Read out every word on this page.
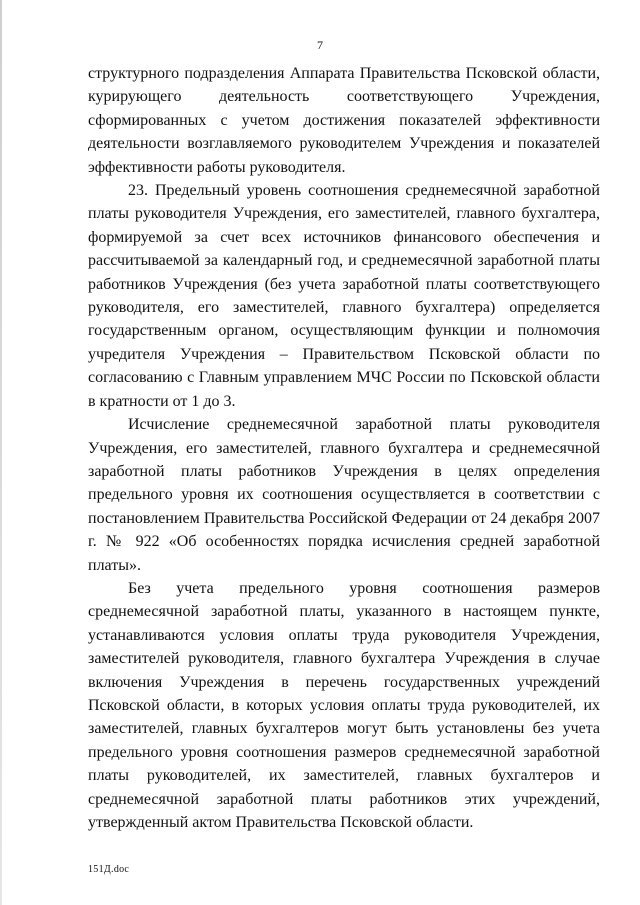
7

структурного подразделения Аппарата Правительства Псковской области, курирующего деятельность соответствующего Учреждения, сформированных с учетом достижения показателей эффективности деятельности возглавляемого руководителем Учреждения и показателей эффективности работы руководителя.

23. Предельный уровень соотношения среднемесячной заработной платы руководителя Учреждения, его заместителей, главного бухгалтера, формируемой за счет всех источников финансового обеспечения и рассчитываемой за календарный год, и среднемесячной заработной платы работников Учреждения (без учета заработной платы соответствующего руководителя, его заместителей, главного бухгалтера) определяется государственным органом, осуществляющим функции и полномочия учредителя Учреждения – Правительством Псковской области по согласованию с Главным управлением МЧС России по Псковской области в кратности от 1 до 3.

Исчисление среднемесячной заработной платы руководителя Учреждения, его заместителей, главного бухгалтера и среднемесячной заработной платы работников Учреждения в целях определения предельного уровня их соотношения осуществляется в соответствии с постановлением Правительства Российской Федерации от 24 декабря 2007 г. № 922 «Об особенностях порядка исчисления средней заработной платы».

Без учета предельного уровня соотношения размеров среднемесячной заработной платы, указанного в настоящем пункте, устанавливаются условия оплаты труда руководителя Учреждения, заместителей руководителя, главного бухгалтера Учреждения в случае включения Учреждения в перечень государственных учреждений Псковской области, в которых условия оплаты труда руководителей, их заместителей, главных бухгалтеров могут быть установлены без учета предельного уровня соотношения размеров среднемесячной заработной платы руководителей, их заместителей, главных бухгалтеров и среднемесячной заработной платы работников этих учреждений, утвержденный актом Правительства Псковской области.

151Д.doc
